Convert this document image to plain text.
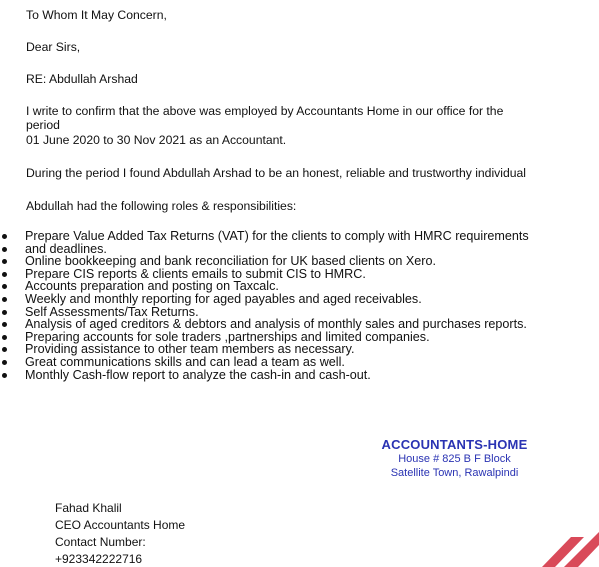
To Whom It May Concern,

Dear Sirs,

RE: Abdullah Arshad

I write to confirm that the above was employed by Accountants Home in our office for the

period

01 June 2020 to 30 Nov 2021 as an Accountant.

During the period I found Abdullah Arshad to be an honest, reliable and trustworthy individual

Abdullah had the following roles & responsibilities:

Prepare Value Added Tax Returns (VAT) for the clients to comply with HMRC requirements
and deadlines.
Online bookkeeping and bank reconciliation for UK based clients on Xero.
Prepare CIS reports & clients emails to submit CIS to HMRC.
Accounts preparation and posting on Taxcalc.
Weekly and monthly reporting for aged payables and aged receivables.
Self Assessments/Tax Returns.
Analysis of aged creditors & debtors and analysis of monthly sales and purchases reports.
Preparing accounts for sole traders ,partnerships and limited companies.
Providing assistance to other team members as necessary.
Great communications skills and can lead a team as well.
Monthly Cash-flow report to analyze the cash-in and cash-out.
ACCOUNTANTS-HOME
House # 825 B F Block
Satellite Town, Rawalpindi
Fahad Khalil
CEO Accountants Home
Contact Number:
+923342222716
